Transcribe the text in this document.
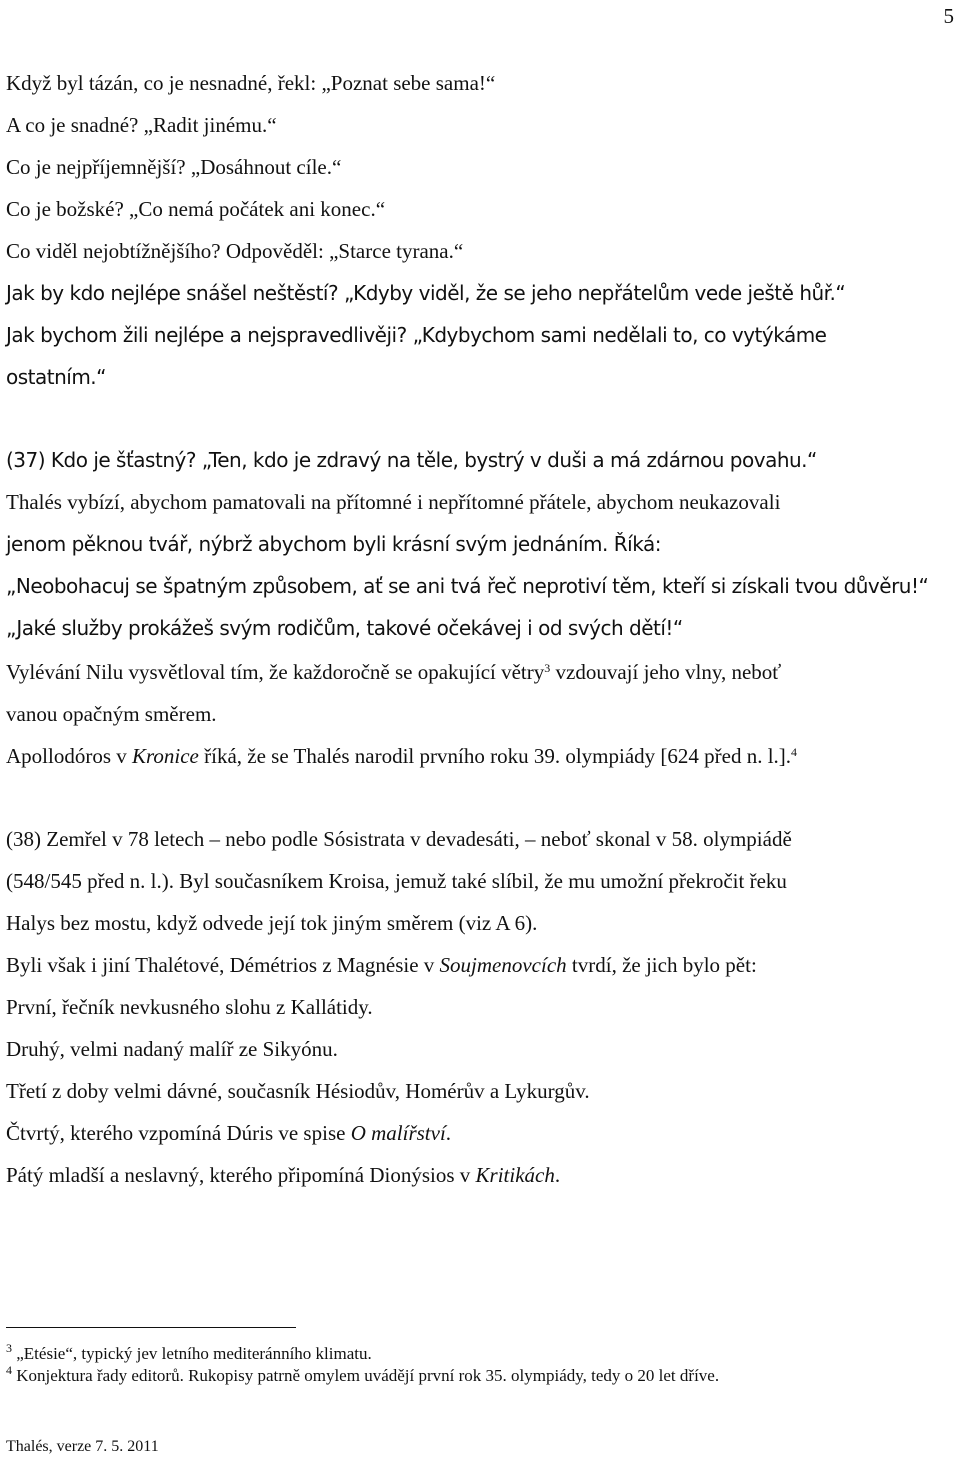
5
Když byl tázán, co je nesnadné, řekl: „Poznat sebe sama!“
A co je snadné? „Radit jinému.“
Co je nejpříjemnější? „Dosáhnout cíle.“
Co je božské? „Co nemá počátek ani konec.“
Co viděl nejobtížnějšího? Odpověděl: „Starce tyrana.“
Jak by kdo nejlépe snášel neštěstí? „Kdyby viděl, že se jeho nepřátelům vede ještě hůř.“
Jak bychom žili nejlépe a nejspravedlivěji? „Kdybychom sami nedělali to, co vytýkáme
ostatním.“
(37) Kdo je šťastný? „Ten, kdo je zdravý na těle, bystrý v duši a má zdárnou povahu.“
Thalés vybízí, abychom pamatovali na přítomné i nepřítomné přátele, abychom neukazovali
jenom pěknou tvář, nýbrž abychom byli krásní svým jednáním. Říká:
„Neobohacuj se špatným způsobem, ať se ani tvá řeč neprotiví těm, kteří si získali tvou důvěru!“
„Jaké služby prokážeš svým rodičům, takové očekávej i od svých dětí!“
Vylévání Nilu vysvětloval tím, že každoročně se opakující větry$^3$ vzdouvají jeho vlny, neboť
vanou opačným směrem.
Apollodóros v Kronice říká, že se Thalés narodil prvního roku 39. olympiády [624 před n. l.].$^4$
(38) Zemřel v 78 letech – nebo podle Sósistrata v devadesáti, – neboť skonal v 58. olympiádě
(548/545 před n. l.). Byl současníkem Kroisa, jemuž také slíbil, že mu umožní překročit řeku
Halys bez mostu, když odvede její tok jiným směrem (viz A 6).
Byli však i jiní Thalétové, Démétrios z Magnésie v Soujmenovcích tvrdí, že jich bylo pět:
První, řečník nevkusného slohu z Kallátidy.
Druhý, velmi nadaný malíř ze Sikyónu.
Třetí z doby velmi dávné, současník Hésiodův, Homérův a Lykurgův.
Čtvrtý, kterého vzpomíná Dúris ve spise O malířství.
Pátý mladší a neslavný, kterého připomíná Dionýsios v Kritikách.
$^3$ „Etésie“, typický jev letního mediteránního klimatu.
$^4$ Konjektura řady editorů. Rukopisy patrně omylem uvádějí první rok 35. olympiády, tedy o 20 let dříve.
Thalés, verze 7. 5. 2011
